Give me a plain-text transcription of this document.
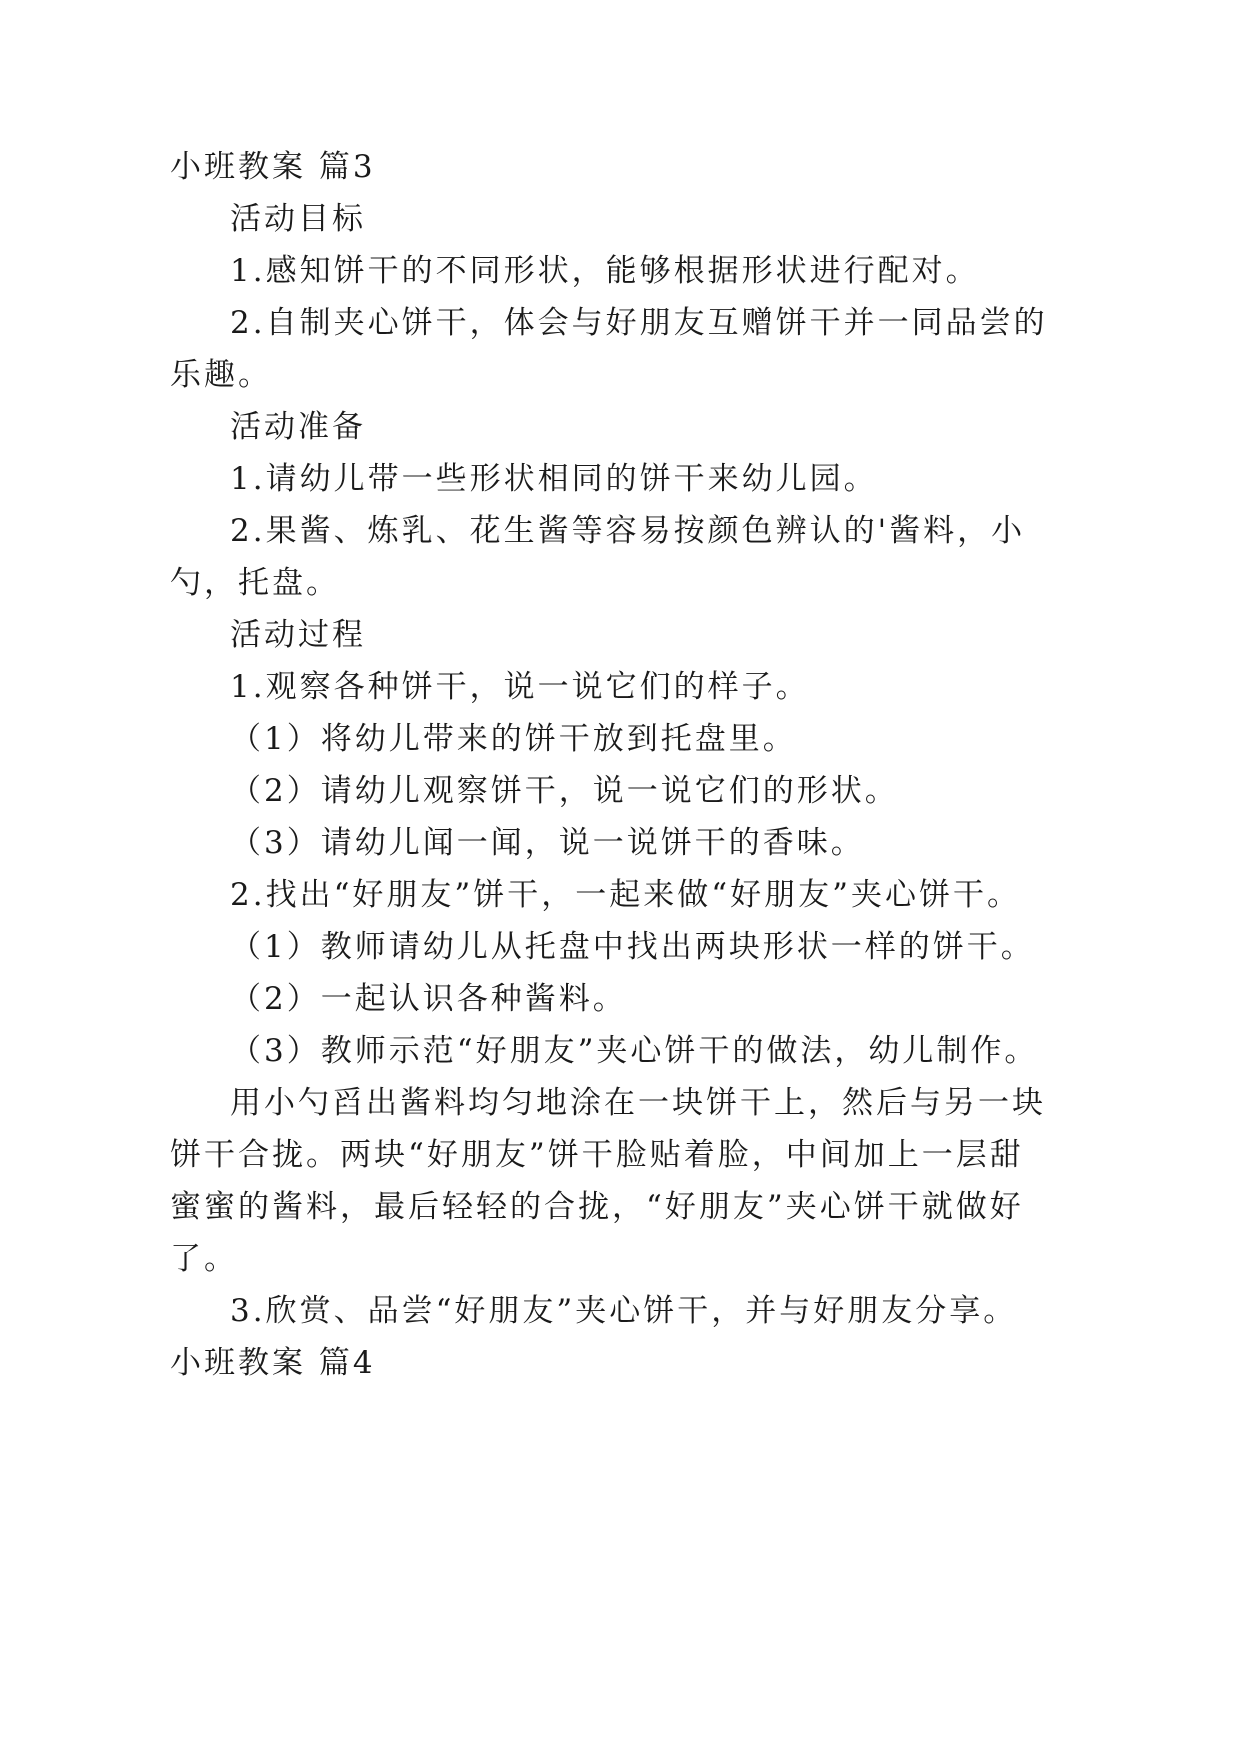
小班教案 篇3
活动目标
1.感知饼干的不同形状，能够根据形状进行配对。
2.自制夹心饼干，体会与好朋友互赠饼干并一同品尝的
乐趣。
活动准备
1.请幼儿带一些形状相同的饼干来幼儿园。
2.果酱、炼乳、花生酱等容易按颜色辨认的'酱料，小
勺，托盘。
活动过程
1.观察各种饼干，说一说它们的样子。
（1）将幼儿带来的饼干放到托盘里。
（2）请幼儿观察饼干，说一说它们的形状。
（3）请幼儿闻一闻，说一说饼干的香味。
2.找出“好朋友”饼干，一起来做“好朋友”夹心饼干。
（1）教师请幼儿从托盘中找出两块形状一样的饼干。
（2）一起认识各种酱料。
（3）教师示范“好朋友”夹心饼干的做法，幼儿制作。
用小勺舀出酱料均匀地涂在一块饼干上，然后与另一块
饼干合拢。两块“好朋友”饼干脸贴着脸，中间加上一层甜
蜜蜜的酱料，最后轻轻的合拢，“好朋友”夹心饼干就做好
了。
3.欣赏、品尝“好朋友”夹心饼干，并与好朋友分享。
小班教案 篇4
